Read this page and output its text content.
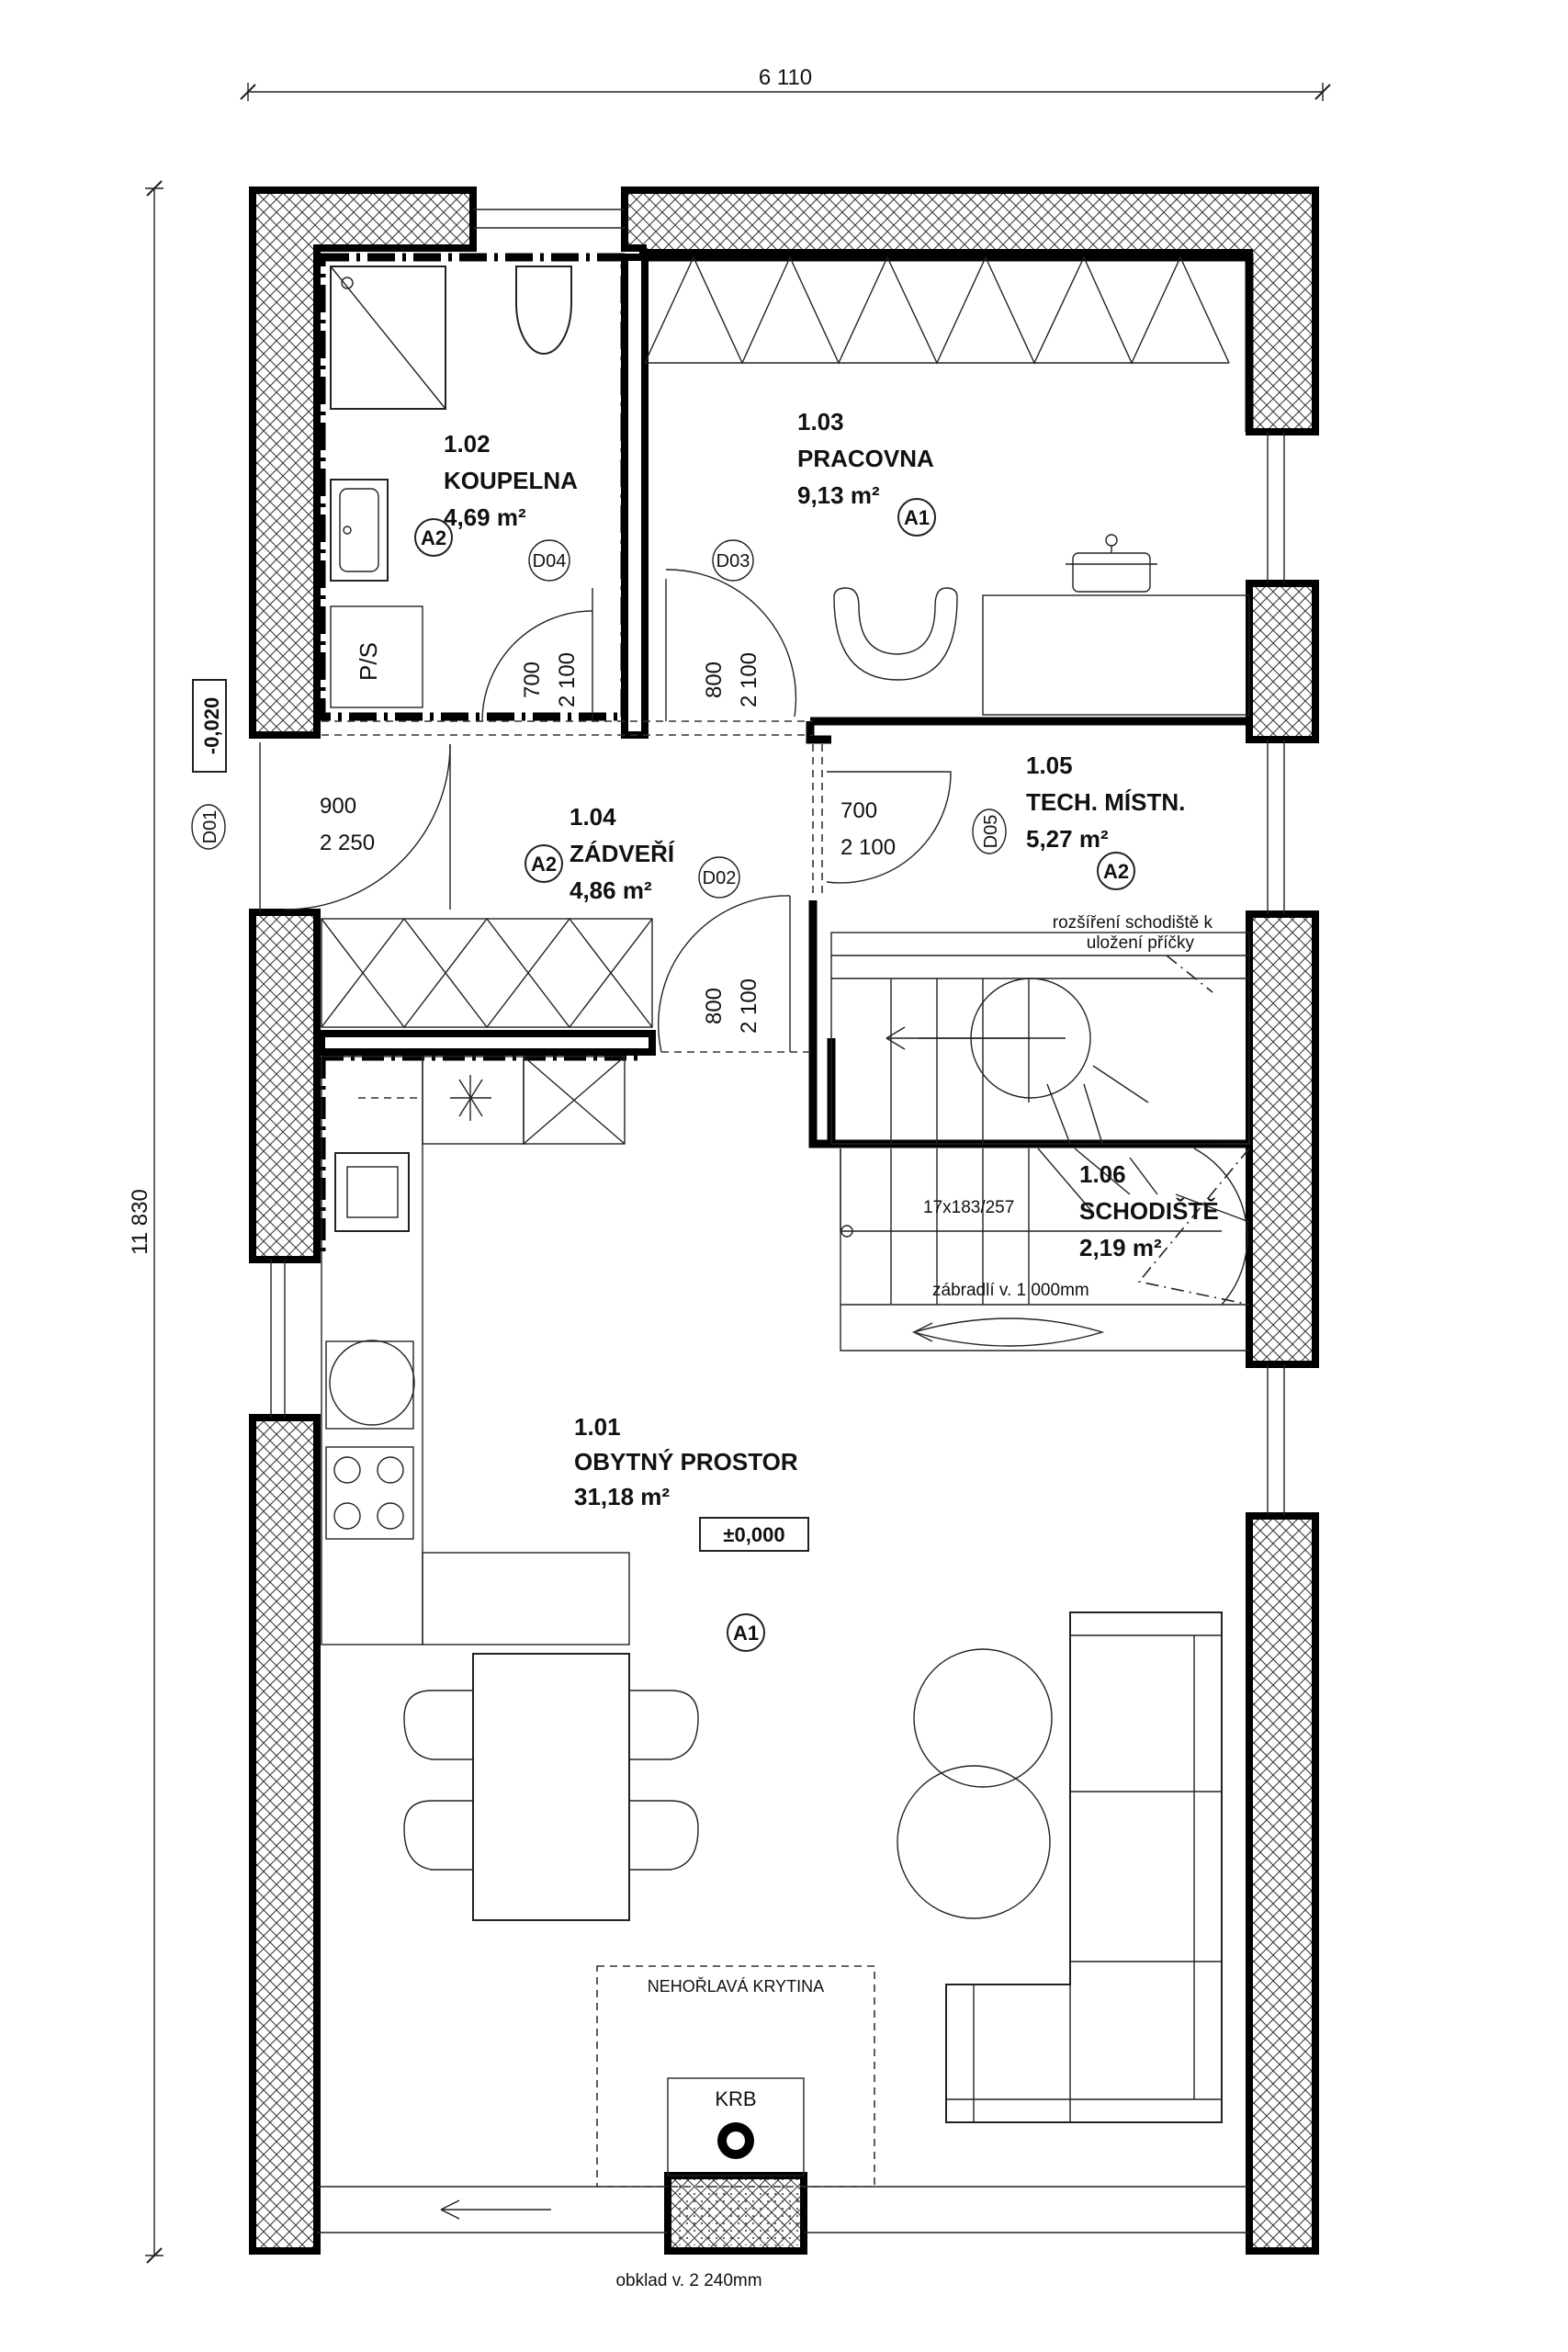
6 110
11 830
-0,020
D01
D02
D03
D04
D05
900
2 250
800 2 100
800 2 100
700 2 100
700
2 100
P/S
rozšíření schodiště k
uložení příčky
17x183/257
zábradlí v. 1 000mm
NEHOŘLAVÁ KRYTINA
KRB
1.01
OBYTNÝ PROSTOR
31,18 m²
1.02
KOUPELNA
4,69 m²
1.03
PRACOVNA
9,13 m²
1.04
ZÁDVEŘÍ
4,86 m²
1.05
TECH. MÍSTN.
5,27 m²
1.06
SCHODIŠTĚ
2,19 m²
A1
A2
A1
A2	A2
±0,000
obklad v. 2 240mm
